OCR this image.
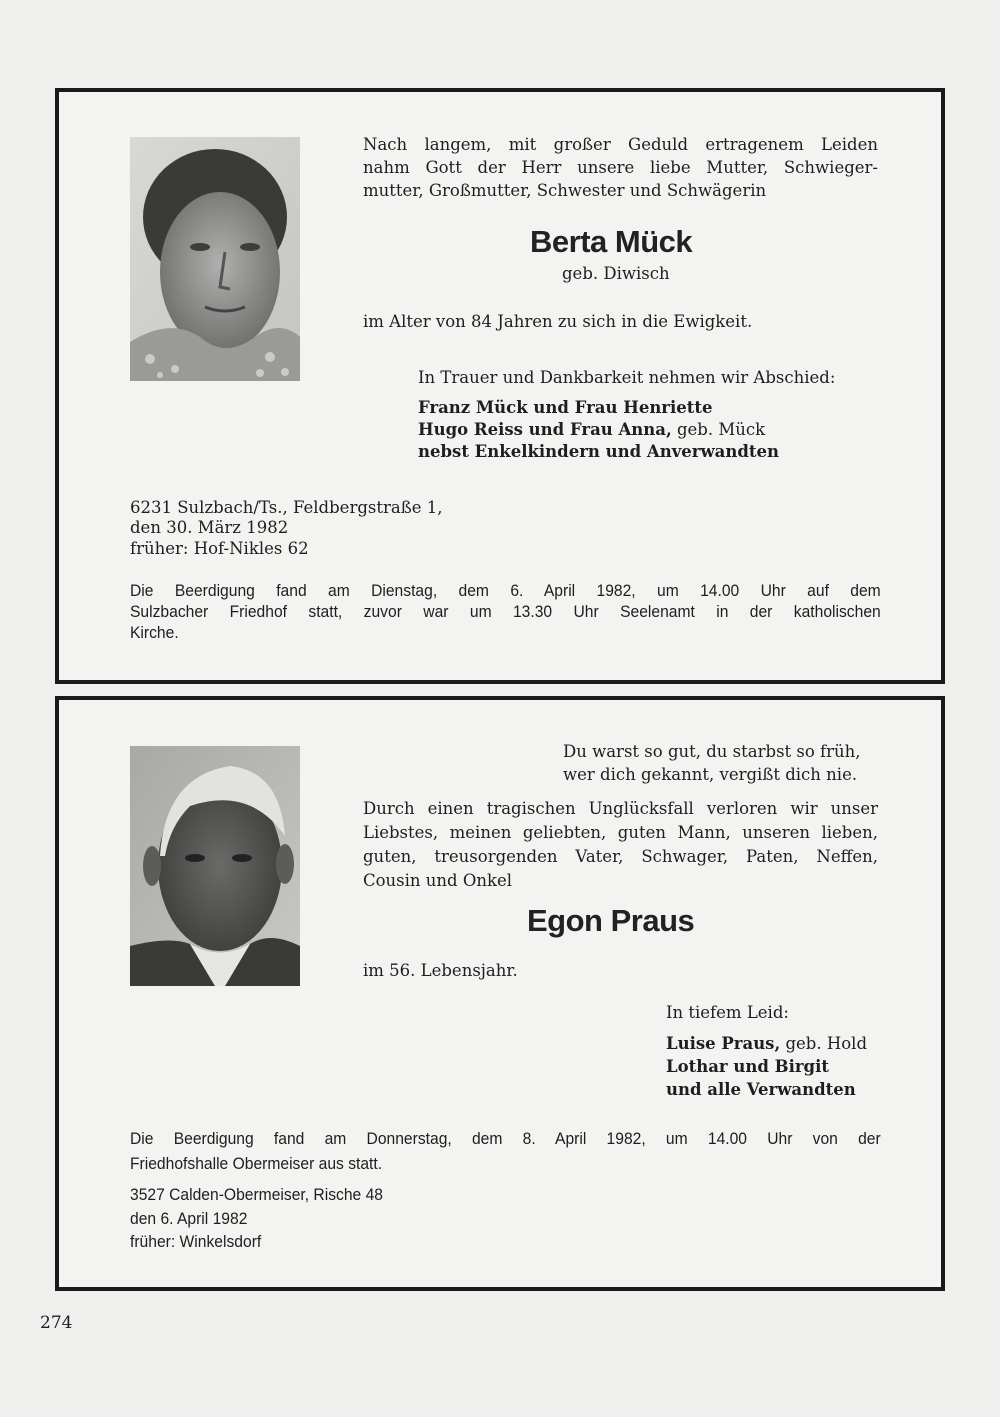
Nach langem, mit großer Geduld ertragenem Leiden
nahm Gott der Herr unsere liebe Mutter, Schwieger-
mutter, Großmutter, Schwester und Schwägerin
Berta Mück
geb. Diwisch
im Alter von 84 Jahren zu sich in die Ewigkeit.
In Trauer und Dankbarkeit nehmen wir Abschied:
Franz Mück und Frau Henriette
Hugo Reiss und Frau Anna, geb. Mück
nebst Enkelkindern und Anverwandten
6231 Sulzbach/Ts., Feldbergstraße 1,
den 30. März 1982
früher: Hof-Nikles 62
Die Beerdigung fand am Dienstag, dem 6. April 1982, um 14.00 Uhr auf dem
Sulzbacher Friedhof statt, zuvor war um 13.30 Uhr Seelenamt in der katholischen
Kirche.
Du warst so gut, du starbst so früh,
wer dich gekannt, vergißt dich nie.
Durch einen tragischen Unglücksfall verloren wir unser
Liebstes, meinen geliebten, guten Mann, unseren lieben,
guten, treusorgenden Vater, Schwager, Paten, Neffen,
Cousin und Onkel
Egon Praus
im 56. Lebensjahr.
In tiefem Leid:
Luise Praus, geb. Hold
Lothar und Birgit
und alle Verwandten
Die Beerdigung fand am Donnerstag, dem 8. April 1982, um 14.00 Uhr von der
Friedhofshalle Obermeiser aus statt.
3527 Calden-Obermeiser, Rische 48
den 6. April 1982
früher: Winkelsdorf
274
